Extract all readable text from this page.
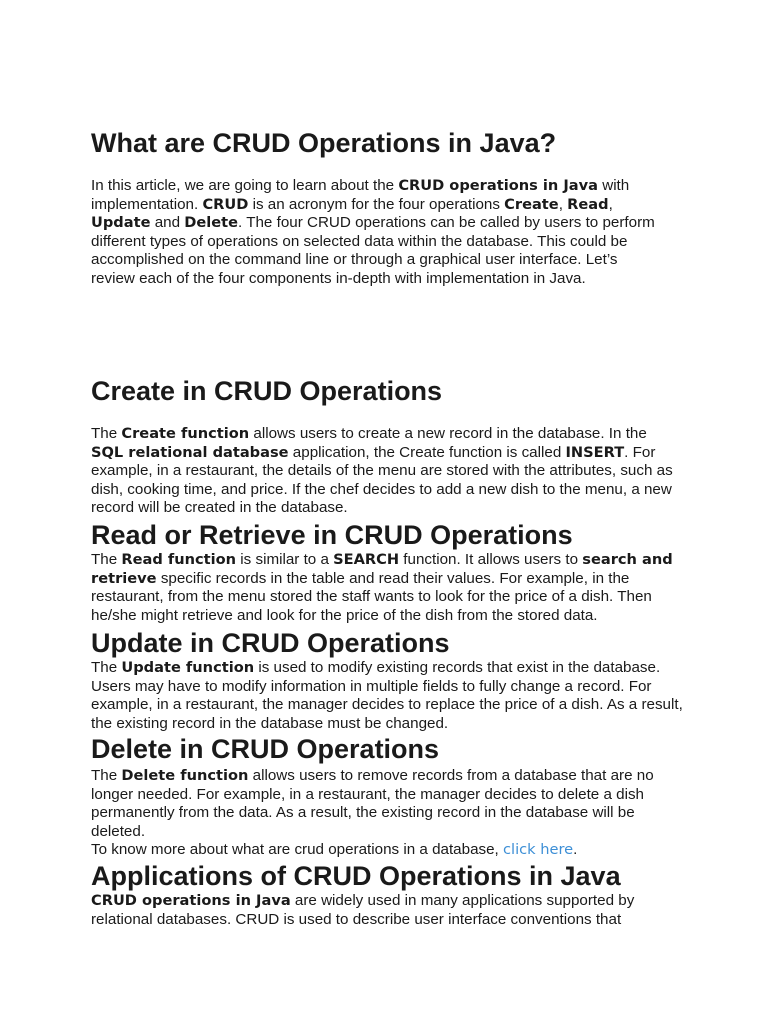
What are CRUD Operations in Java?

In this article, we are going to learn about the CRUD operations in Java with implementation. CRUD is an acronym for the four operations Create, Read, Update and Delete. The four CRUD operations can be called by users to perform different types of operations on selected data within the database. This could be accomplished on the command line or through a graphical user interface. Let’s review each of the four components in-depth with implementation in Java.

Create in CRUD Operations

The Create function allows users to create a new record in the database. In the SQL relational database application, the Create function is called INSERT. For example, in a restaurant, the details of the menu are stored with the attributes, such as dish, cooking time, and price. If the chef decides to add a new dish to the menu, a new record will be created in the database.

Read or Retrieve in CRUD Operations

The Read function is similar to a SEARCH function. It allows users to search and retrieve specific records in the table and read their values. For example, in the restaurant, from the menu stored the staff wants to look for the price of a dish. Then he/she might retrieve and look for the price of the dish from the stored data.

Update in CRUD Operations

The Update function is used to modify existing records that exist in the database. Users may have to modify information in multiple fields to fully change a record. For example, in a restaurant, the manager decides to replace the price of a dish. As a result, the existing record in the database must be changed.

Delete in CRUD Operations

The Delete function allows users to remove records from a database that are no longer needed. For example, in a restaurant, the manager decides to delete a dish permanently from the data. As a result, the existing record in the database will be deleted.
To know more about what are crud operations in a database, click here.

Applications of CRUD Operations in Java

CRUD operations in Java are widely used in many applications supported by relational databases. CRUD is used to describe user interface conventions that
